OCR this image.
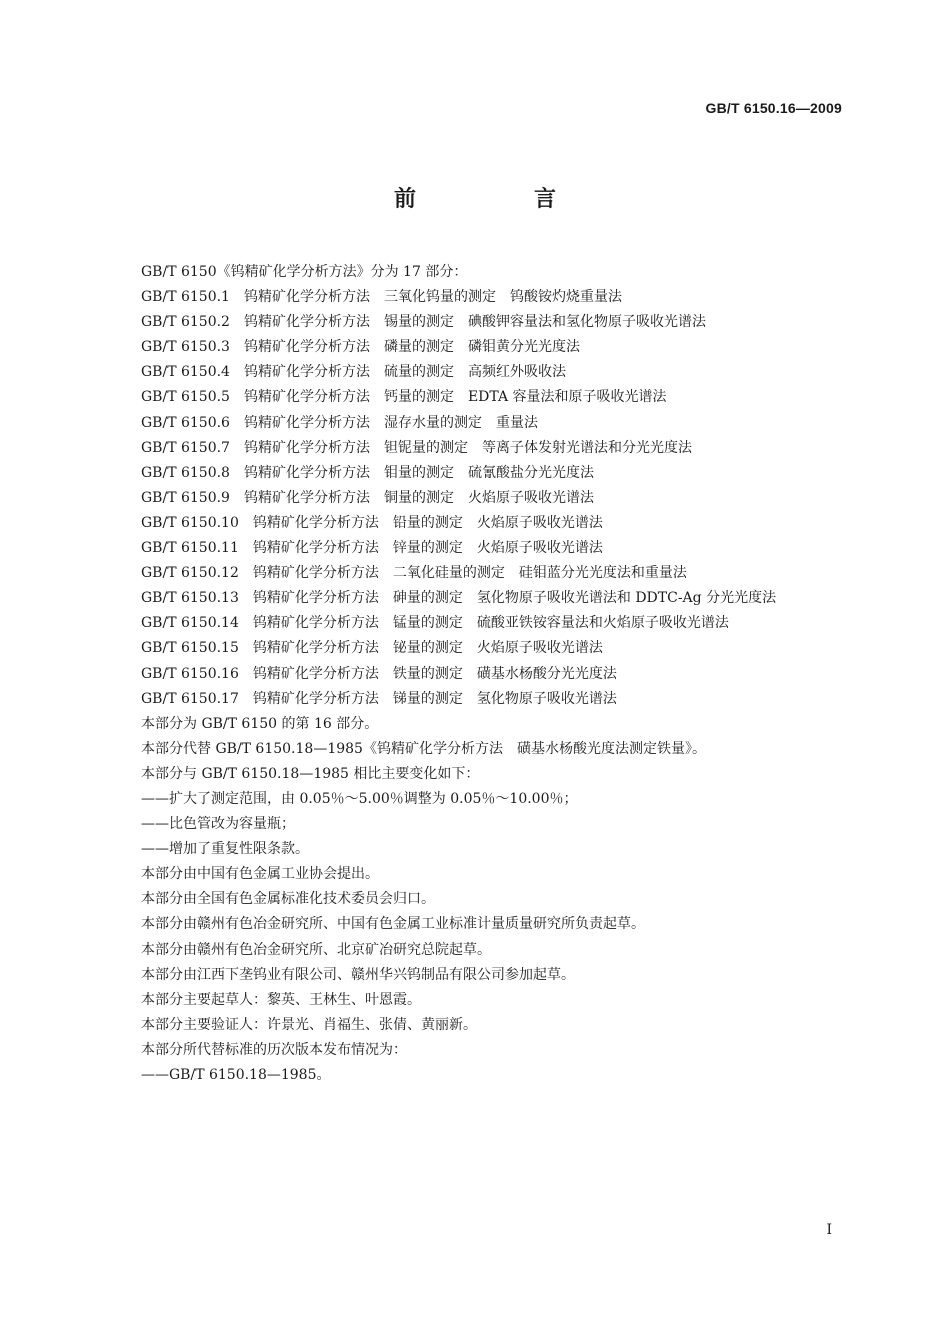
GB/T 6150.16—2009
前　言

GB/T 6150《钨精矿化学分析方法》分为 17 部分：

GB/T 6150.1　钨精矿化学分析方法　三氧化钨量的测定　钨酸铵灼烧重量法

GB/T 6150.2　钨精矿化学分析方法　锡量的测定　碘酸钾容量法和氢化物原子吸收光谱法

GB/T 6150.3　钨精矿化学分析方法　磷量的测定　磷钼黄分光光度法

GB/T 6150.4　钨精矿化学分析方法　硫量的测定　高频红外吸收法

GB/T 6150.5　钨精矿化学分析方法　钙量的测定　EDTA 容量法和原子吸收光谱法

GB/T 6150.6　钨精矿化学分析方法　湿存水量的测定　重量法

GB/T 6150.7　钨精矿化学分析方法　钽铌量的测定　等离子体发射光谱法和分光光度法

GB/T 6150.8　钨精矿化学分析方法　钼量的测定　硫氰酸盐分光光度法

GB/T 6150.9　钨精矿化学分析方法　铜量的测定　火焰原子吸收光谱法

GB/T 6150.10　钨精矿化学分析方法　铅量的测定　火焰原子吸收光谱法

GB/T 6150.11　钨精矿化学分析方法　锌量的测定　火焰原子吸收光谱法

GB/T 6150.12　钨精矿化学分析方法　二氧化硅量的测定　硅钼蓝分光光度法和重量法

GB/T 6150.13　钨精矿化学分析方法　砷量的测定　氢化物原子吸收光谱法和 DDTC-Ag 分光光度法

GB/T 6150.14　钨精矿化学分析方法　锰量的测定　硫酸亚铁铵容量法和火焰原子吸收光谱法

GB/T 6150.15　钨精矿化学分析方法　铋量的测定　火焰原子吸收光谱法

GB/T 6150.16　钨精矿化学分析方法　铁量的测定　磺基水杨酸分光光度法

GB/T 6150.17　钨精矿化学分析方法　锑量的测定　氢化物原子吸收光谱法

本部分为 GB/T 6150 的第 16 部分。

本部分代替 GB/T 6150.18—1985《钨精矿化学分析方法　磺基水杨酸光度法测定铁量》。

本部分与 GB/T 6150.18—1985 相比主要变化如下：

——扩大了测定范围，由 0.05％～5.00％调整为 0.05％～10.00％；

——比色管改为容量瓶；

——增加了重复性限条款。

本部分由中国有色金属工业协会提出。

本部分由全国有色金属标准化技术委员会归口。

本部分由赣州有色冶金研究所、中国有色金属工业标准计量质量研究所负责起草。

本部分由赣州有色冶金研究所、北京矿冶研究总院起草。

本部分由江西下垄钨业有限公司、赣州华兴钨制品有限公司参加起草。

本部分主要起草人：黎英、王林生、叶恩霞。

本部分主要验证人：许景光、肖福生、张倩、黄丽新。

本部分所代替标准的历次版本发布情况为：

——GB/T 6150.18—1985。

I
